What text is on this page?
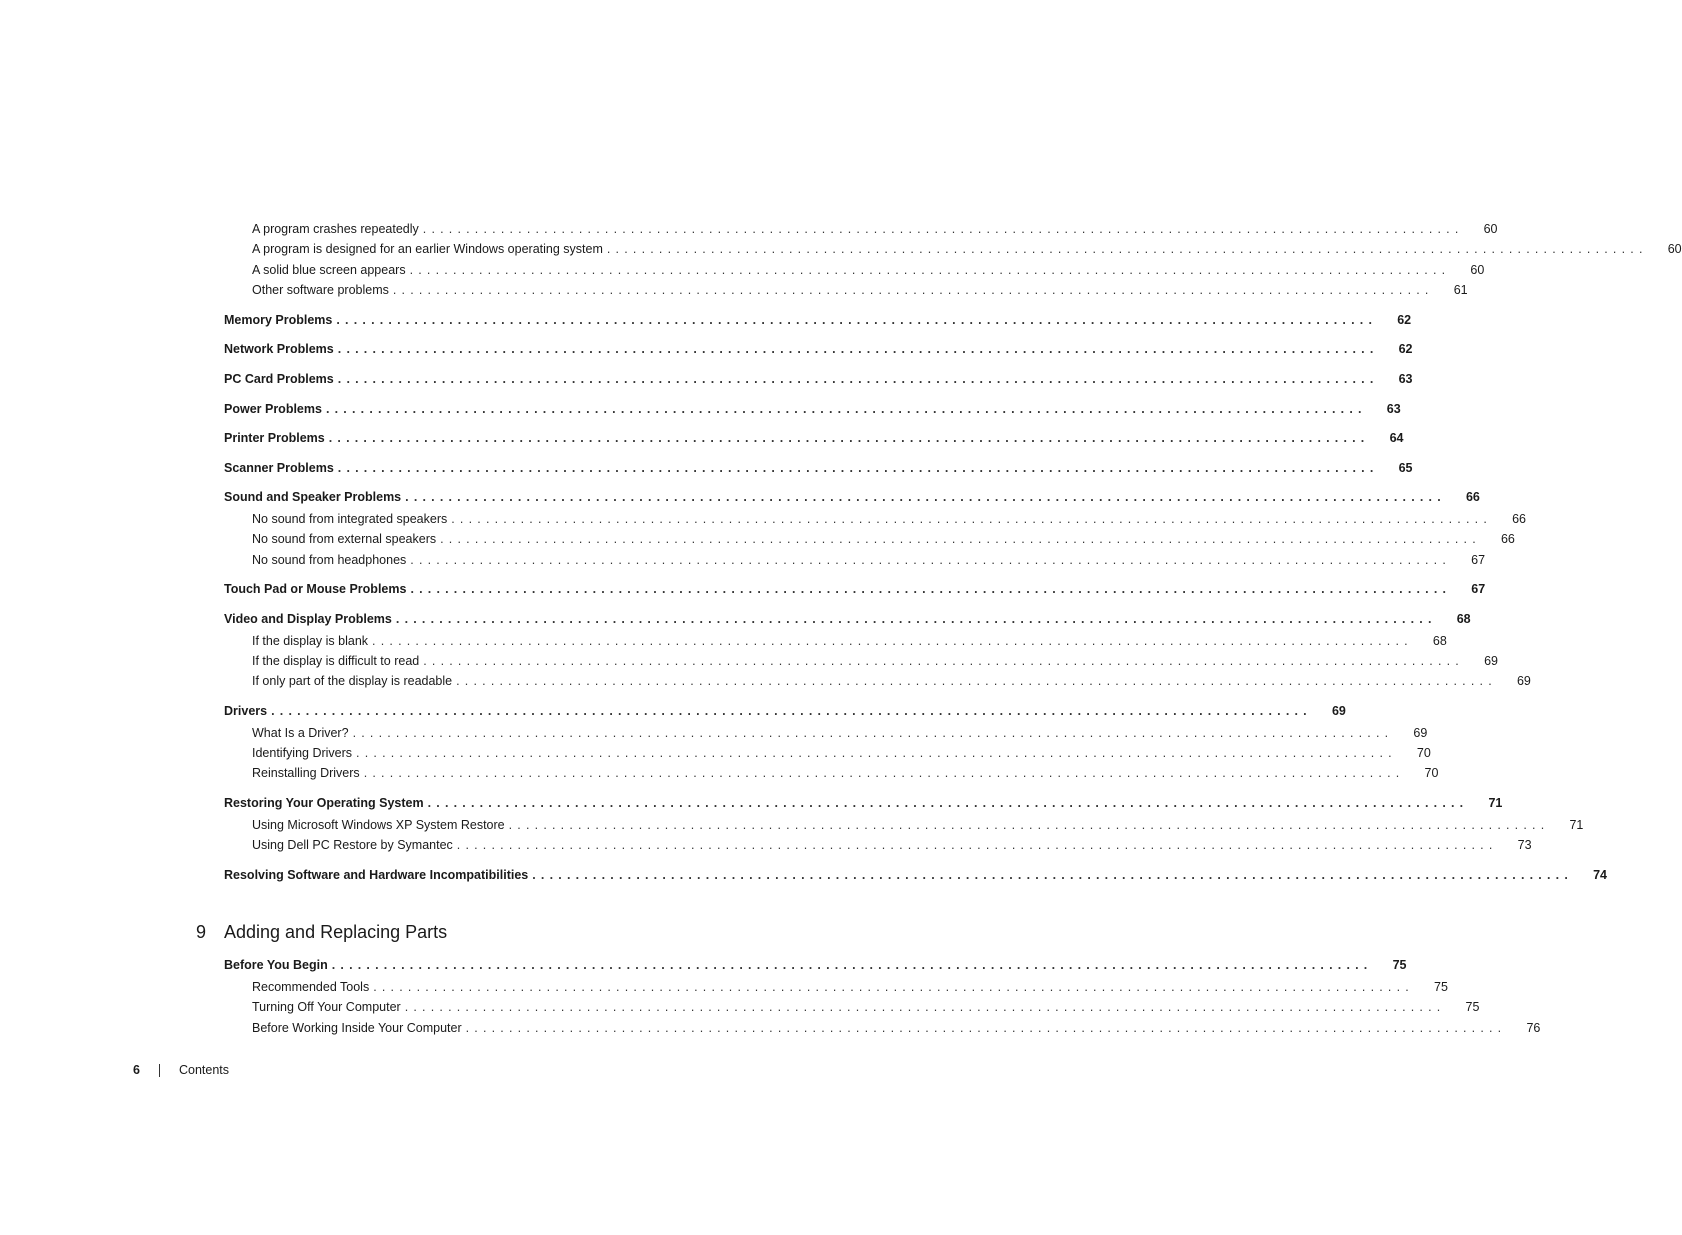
A program crashes repeatedly ........................................................................................................................	60
A program is designed for an earlier Windows operating system ........................................................................................................................	60
A solid blue screen appears ........................................................................................................................	60
Other software problems ........................................................................................................................	61
Memory Problems ........................................................................................................................	62
Network Problems ........................................................................................................................	62
PC Card Problems ........................................................................................................................	63
Power Problems ........................................................................................................................	63
Printer Problems ........................................................................................................................	64
Scanner Problems ........................................................................................................................	65
Sound and Speaker Problems ........................................................................................................................	66
No sound from integrated speakers ........................................................................................................................	66
No sound from external speakers ........................................................................................................................	66
No sound from headphones ........................................................................................................................	67
Touch Pad or Mouse Problems ........................................................................................................................	67
Video and Display Problems ........................................................................................................................	68
If the display is blank ........................................................................................................................	68
If the display is difficult to read ........................................................................................................................	69
If only part of the display is readable ........................................................................................................................	69
Drivers ........................................................................................................................	69
What Is a Driver? ........................................................................................................................	69
Identifying Drivers ........................................................................................................................	70
Reinstalling Drivers ........................................................................................................................	70
Restoring Your Operating System ........................................................................................................................	71
Using Microsoft Windows XP System Restore ........................................................................................................................	71
Using Dell PC Restore by Symantec ........................................................................................................................	73
Resolving Software and Hardware Incompatibilities ........................................................................................................................	74
9 Adding and Replacing Parts
Before You Begin ........................................................................................................................	75
Recommended Tools ........................................................................................................................	75
Turning Off Your Computer ........................................................................................................................	75
Before Working Inside Your Computer ........................................................................................................................	76
6	Contents
